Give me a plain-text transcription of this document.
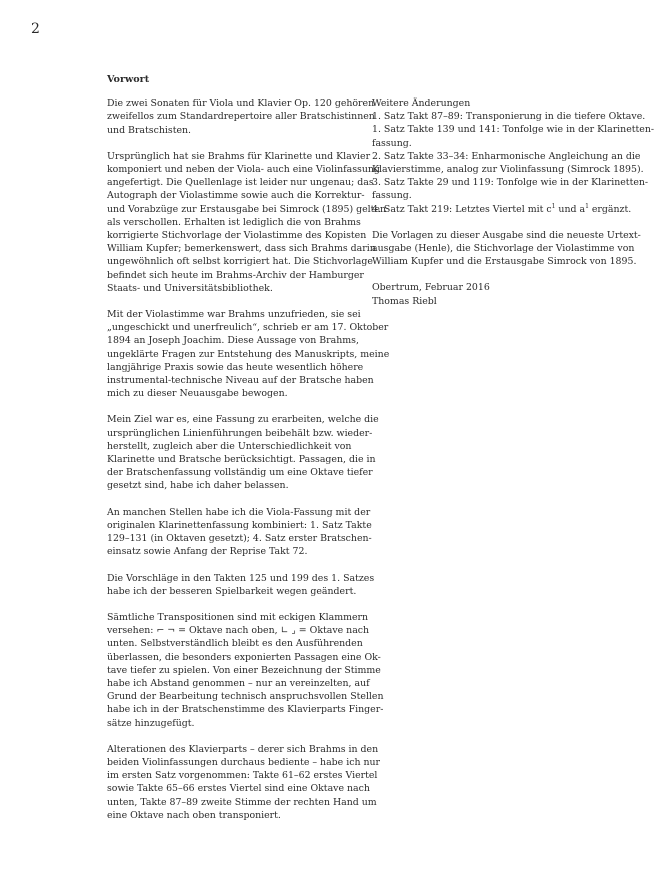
2
Vorwort
Die zwei Sonaten für Viola und Klavier Op. 120 gehören
zweifellos zum Standardrepertoire aller Bratschistinnen
und Bratschisten.
Ursprünglich hat sie Brahms für Klarinette und Klavier
komponiert und neben der Viola- auch eine Violinfassung
angefertigt. Die Quellenlage ist leider nur ungenau; das
Autograph der Violastimme sowie auch die Korrektur-
und Vorabzüge zur Erstausgabe bei Simrock (1895) gelten
als verschollen. Erhalten ist lediglich die von Brahms
korrigierte Stichvorlage der Violastimme des Kopisten
William Kupfer; bemerkenswert, dass sich Brahms darin
ungewöhnlich oft selbst korrigiert hat. Die Stichvorlage
befindet sich heute im Brahms-Archiv der Hamburger
Staats- und Universitätsbibliothek.
Mit der Violastimme war Brahms unzufrieden, sie sei
„ungeschickt und unerfreulich“, schrieb er am 17. Oktober
1894 an Joseph Joachim. Diese Aussage von Brahms,
ungeklärte Fragen zur Entstehung des Manuskripts, meine
langjährige Praxis sowie das heute wesentlich höhere
instrumental-technische Niveau auf der Bratsche haben
mich zu dieser Neuausgabe bewogen.
Mein Ziel war es, eine Fassung zu erarbeiten, welche die
ursprünglichen Linienführungen beibehält bzw. wieder-
herstellt, zugleich aber die Unterschiedlichkeit von
Klarinette und Bratsche berücksichtigt. Passagen, die in
der Bratschenfassung vollständig um eine Oktave tiefer
gesetzt sind, habe ich daher belassen.
An manchen Stellen habe ich die Viola-Fassung mit der
originalen Klarinettenfassung kombiniert: 1. Satz Takte
129–131 (in Oktaven gesetzt); 4. Satz erster Bratschen-
einsatz sowie Anfang der Reprise Takt 72.
Die Vorschläge in den Takten 125 und 199 des 1. Satzes
habe ich der besseren Spielbarkeit wegen geändert.
Sämtliche Transpositionen sind mit eckigen Klammern
versehen: ⌐ ¬ = Oktave nach oben, ∟ ⌟ = Oktave nach
unten. Selbstverständlich bleibt es den Ausführenden
überlassen, die besonders exponierten Passagen eine Ok-
tave tiefer zu spielen. Von einer Bezeichnung der Stimme
habe ich Abstand genommen – nur an vereinzelten, auf
Grund der Bearbeitung technisch anspruchsvollen Stellen
habe ich in der Bratschenstimme des Klavierparts Finger-
sätze hinzugefügt.
Alterationen des Klavierparts – derer sich Brahms in den
beiden Violinfassungen durchaus bediente – habe ich nur
im ersten Satz vorgenommen: Takte 61–62 erstes Viertel
sowie Takte 65–66 erstes Viertel sind eine Oktave nach
unten, Takte 87–89 zweite Stimme der rechten Hand um
eine Oktave nach oben transponiert.
Weitere Änderungen
1. Satz Takt 87–89: Transponierung in die tiefere Oktave.
1. Satz Takte 139 und 141: Tonfolge wie in der Klarinetten-
fassung.
2. Satz Takte 33–34: Enharmonische Angleichung an die
Klavierstimme, analog zur Violinfassung (Simrock 1895).
3. Satz Takte 29 und 119: Tonfolge wie in der Klarinetten-
fassung.
4. Satz Takt 219: Letztes Viertel mit $c^1$ und $a^1$ ergänzt.
Die Vorlagen zu dieser Ausgabe sind die neueste Urtext-
ausgabe (Henle), die Stichvorlage der Violastimme von
William Kupfer und die Erstausgabe Simrock von 1895.
Obertrum, Februar 2016
Thomas Riebl
